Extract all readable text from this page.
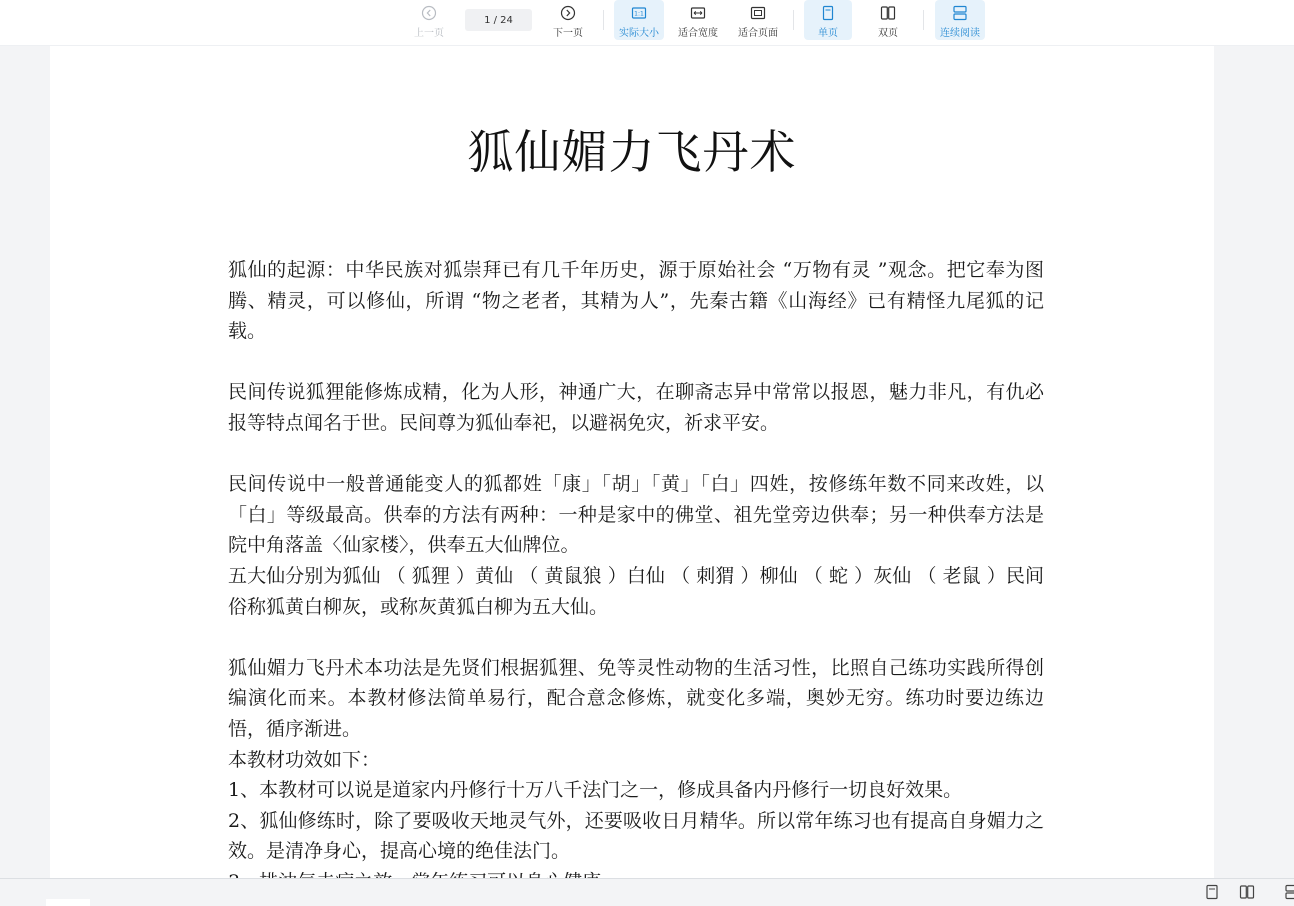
上一页
1 / 24
下一页
1:1
实际大小 适合宽度 适合页面	单页	双页	连续阅读
狐仙媚力飞丹术

狐仙的起源：中华民族对狐崇拜已有几千年历史，源于原始社会 “万物有灵 ”观念。把它奉为图腾、精灵，可以修仙，所谓 “物之老者，其精为人”，先秦古籍《山海经》已有精怪九尾狐的记载。

民间传说狐狸能修炼成精，化为人形，神通广大，在聊斋志异中常常以报恩，魅力非凡，有仇必报等特点闻名于世。民间尊为狐仙奉祀，以避祸免灾，祈求平安。

民间传说中一般普通能变人的狐都姓「康」「胡」「黄」「白」四姓，按修练年数不同来改姓，以「白」等级最高。供奉的方法有两种：一种是家中的佛堂、祖先堂旁边供奉；另一种供奉方法是院中角落盖〈仙家楼〉，供奉五大仙牌位。

五大仙分别为狐仙 （ 狐狸 ）黄仙 （ 黄鼠狼 ）白仙 （ 刺猬 ）柳仙 （ 蛇 ）灰仙 （ 老鼠 ）民间俗称狐黄白柳灰，或称灰黄狐白柳为五大仙。

狐仙媚力飞丹术本功法是先贤们根据狐狸、免等灵性动物的生活习性，比照自己练功实践所得创编演化而来。本教材修法简单易行，配合意念修炼，就变化多端，奥妙无穷。练功时要边练边悟，循序渐进。

本教材功效如下：

1、本教材可以说是道家内丹修行十万八千法门之一，修成具备内丹修行一切良好效果。

2、狐仙修练时，除了要吸收天地灵气外，还要吸收日月精华。所以常年练习也有提高自身媚力之效。是清净身心，提高心境的绝佳法门。
